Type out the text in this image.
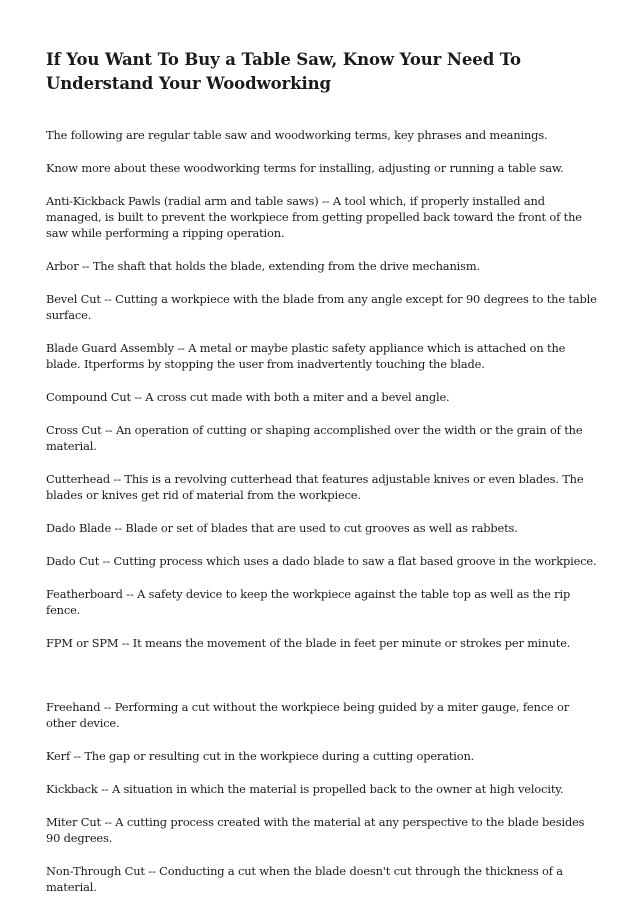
If You Want To Buy a Table Saw, Know Your Need To Understand Your Woodworking

The following are regular table saw and woodworking terms, key phrases and meanings.

Know more about these woodworking terms for installing, adjusting or running a table saw.

Anti-Kickback Pawls (radial arm and table saws) -- A tool which, if properly installed and managed, is built to prevent the workpiece from getting propelled back toward the front of the saw while performing a ripping operation.

Arbor -- The shaft that holds the blade, extending from the drive mechanism.

Bevel Cut -- Cutting a workpiece with the blade from any angle except for 90 degrees to the table surface.

Blade Guard Assembly -- A metal or maybe plastic safety appliance which is attached on the blade. Itperforms by stopping the user from inadvertently touching the blade.

Compound Cut -- A cross cut made with both a miter and a bevel angle.

Cross Cut -- An operation of cutting or shaping accomplished over the width or the grain of the material.

Cutterhead -- This is a revolving cutterhead that features adjustable knives or even blades. The blades or knives get rid of material from the workpiece.

Dado Blade -- Blade or set of blades that are used to cut grooves as well as rabbets.

Dado Cut -- Cutting process which uses a dado blade to saw a flat based groove in the workpiece.

Featherboard -- A safety device to keep the workpiece against the table top as well as the rip fence.

FPM or SPM -- It means the movement of the blade in feet per minute or strokes per minute.

Freehand -- Performing a cut without the workpiece being guided by a miter gauge, fence or other device.

Kerf -- The gap or resulting cut in the workpiece during a cutting operation.

Kickback -- A situation in which the material is propelled back to the owner at high velocity.

Miter Cut -- A cutting process created with the material at any perspective to the blade besides 90 degrees.

Non-Through Cut -- Conducting a cut when the blade doesn't cut through the thickness of a material.
